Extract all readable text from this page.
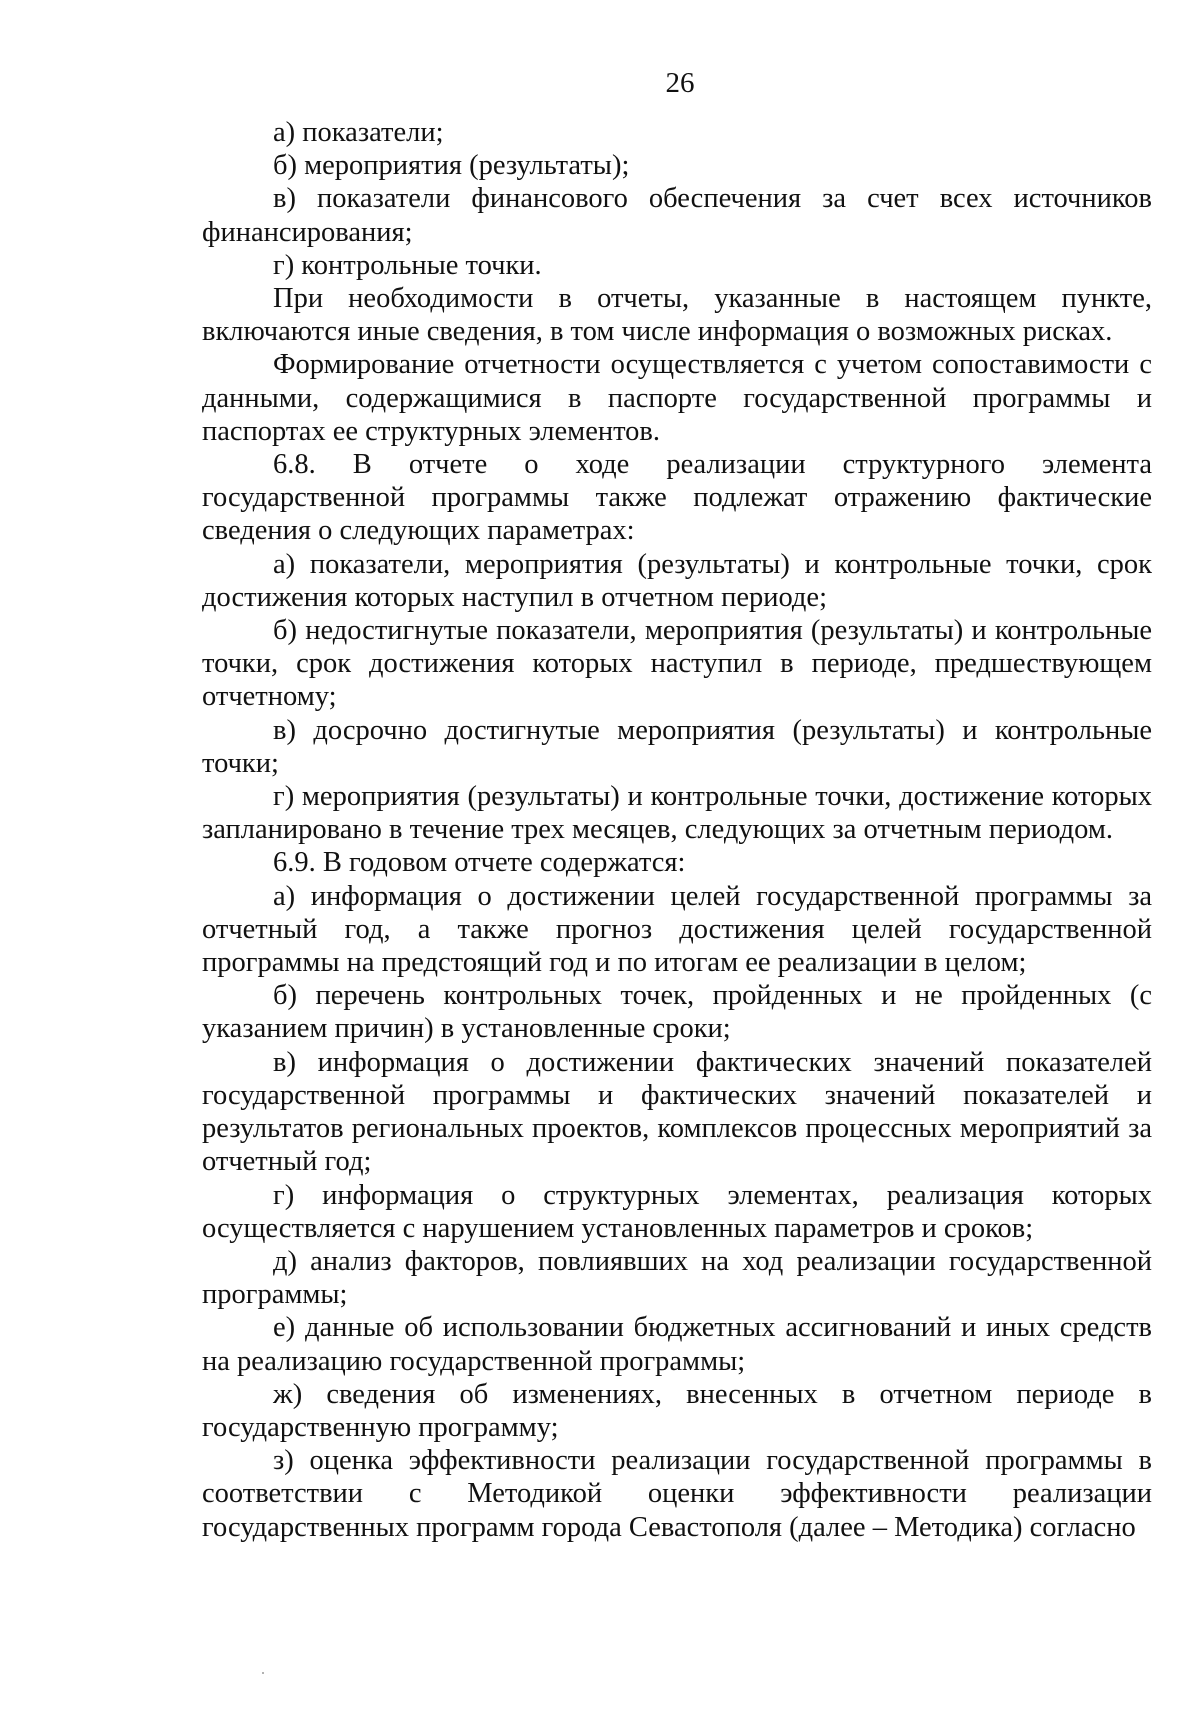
26

а) показатели;

б) мероприятия (результаты);

в) показатели финансового обеспечения за счет всех источников финансирования;

г) контрольные точки.

При необходимости в отчеты, указанные в настоящем пункте, включаются иные сведения, в том числе информация о возможных рисках.

Формирование отчетности осуществляется с учетом сопоставимости с данными, содержащимися в паспорте государственной программы и паспортах ее структурных элементов.

6.8. В отчете о ходе реализации структурного элемента государственной программы также подлежат отражению фактические сведения о следующих параметрах:

а) показатели, мероприятия (результаты) и контрольные точки, срок достижения которых наступил в отчетном периоде;

б) недостигнутые показатели, мероприятия (результаты) и контрольные точки, срок достижения которых наступил в периоде, предшествующем отчетному;

в) досрочно достигнутые мероприятия (результаты) и контрольные точки;

г) мероприятия (результаты) и контрольные точки, достижение которых запланировано в течение трех месяцев, следующих за отчетным периодом.

6.9. В годовом отчете содержатся:

а) информация о достижении целей государственной программы за отчетный год, а также прогноз достижения целей государственной программы на предстоящий год и по итогам ее реализации в целом;

б) перечень контрольных точек, пройденных и не пройденных (с указанием причин) в установленные сроки;

в) информация о достижении фактических значений показателей государственной программы и фактических значений показателей и результатов региональных проектов, комплексов процессных мероприятий за отчетный год;

г) информация о структурных элементах, реализация которых осуществляется с нарушением установленных параметров и сроков;

д) анализ факторов, повлиявших на ход реализации государственной программы;

е) данные об использовании бюджетных ассигнований и иных средств на реализацию государственной программы;

ж) сведения об изменениях, внесенных в отчетном периоде в государственную программу;

з) оценка эффективности реализации государственной программы в соответствии с Методикой оценки эффективности реализации государственных программ города Севастополя (далее – Методика) согласно
